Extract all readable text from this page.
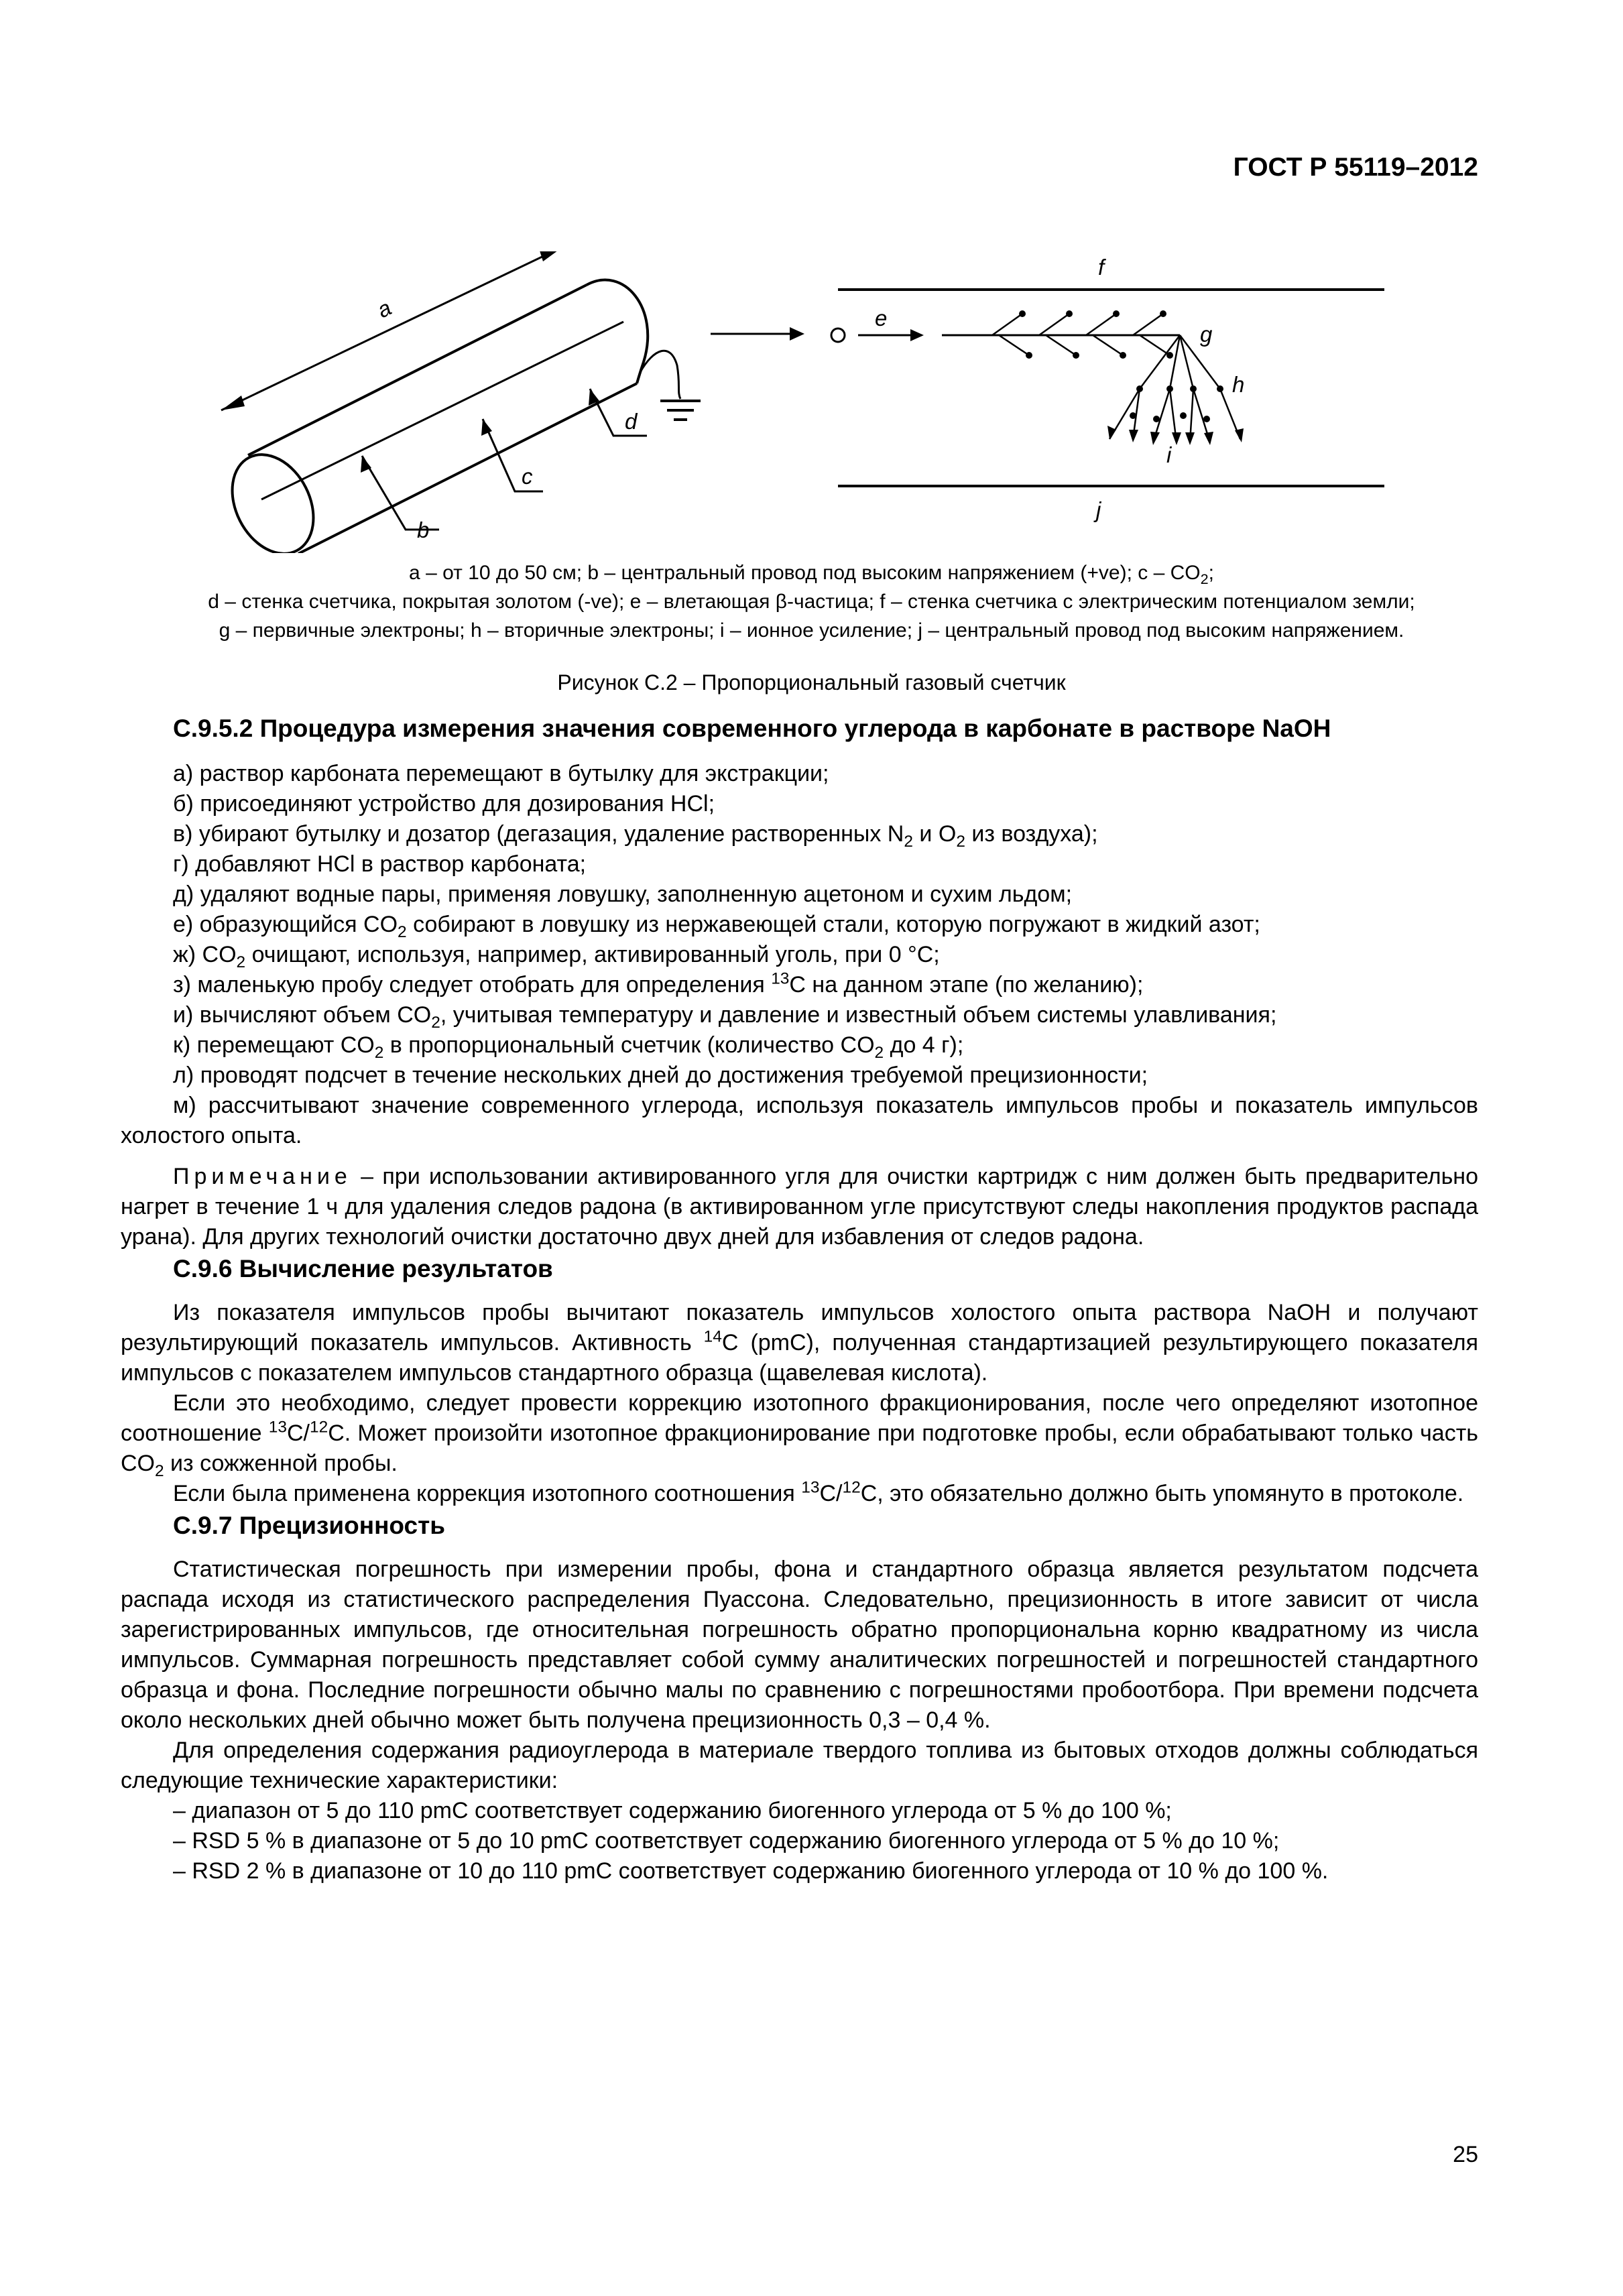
ГОСТ Р 55119–2012
a
b
c
d
e
f
g
h
i
j
a – от 10 до 50 см; b – центральный провод под высоким напряжением (+ve); c – $CO_2$;
d – стенка счетчика, покрытая золотом (-ve); e – влетающая β-частица; f – стенка счетчика с электрическим потенциалом земли;
g – первичные электроны; h – вторичные электроны; i – ионное усиление; j – центральный провод под высоким напряжением.
Рисунок С.2 – Пропорциональный газовый счетчик
С.9.5.2 Процедура измерения значения современного углерода в карбонате в растворе NaOH
а) раствор карбоната перемещают в бутылку для экстракции;
б) присоединяют устройство для дозирования HCl;
в) убирают бутылку и дозатор (дегазация, удаление растворенных $N_2$ и $O_2$ из воздуха);
г) добавляют HCl в раствор карбоната;
д) удаляют водные пары, применяя ловушку, заполненную ацетоном и сухим льдом;
е) образующийся $CO_2$ собирают в ловушку из нержавеющей стали, которую погружают в жидкий азот;
ж) $CO_2$ очищают, используя, например, активированный уголь, при 0 °С;
з) маленькую пробу следует отобрать для определения $^{13}$C на данном этапе (по желанию);
и) вычисляют объем $CO_2$, учитывая температуру и давление и известный объем системы улавливания;
к) перемещают $CO_2$ в пропорциональный счетчик (количество $CO_2$ до 4 г);
л) проводят подсчет в течение нескольких дней до достижения требуемой прецизионности;
м) рассчитывают значение современного углерода, используя показатель импульсов пробы и показатель импульсов холостого опыта.

Примечание – при использовании активированного угля для очистки картридж с ним должен быть предварительно нагрет в течение 1 ч для удаления следов радона (в активированном угле присутствуют следы накопления продуктов распада урана). Для других технологий очистки достаточно двух дней для избавления от следов радона.

С.9.6 Вычисление результатов

Из показателя импульсов пробы вычитают показатель импульсов холостого опыта раствора NaOH и получают результирующий показатель импульсов. Активность $^{14}$C (pmC), полученная стандартизацией результирующего показателя импульсов с показателем импульсов стандартного образца (щавелевая кислота).

Если это необходимо, следует провести коррекцию изотопного фракционирования, после чего определяют изотопное соотношение $^{13}$C/$^{12}$C. Может произойти изотопное фракционирование при подготовке пробы, если обрабатывают только часть $CO_2$ из сожженной пробы.

Если была применена коррекция изотопного соотношения $^{13}$C/$^{12}$C, это обязательно должно быть упомянуто в протоколе.

С.9.7 Прецизионность

Статистическая погрешность при измерении пробы, фона и стандартного образца является результатом подсчета распада исходя из статистического распределения Пуассона. Следовательно, прецизионность в итоге зависит от числа зарегистрированных импульсов, где относительная погрешность обратно пропорциональна корню квадратному из числа импульсов. Суммарная погрешность представляет собой сумму аналитических погрешностей и погрешностей стандартного образца и фона. Последние погрешности обычно малы по сравнению с погрешностями пробоотбора. При времени подсчета около нескольких дней обычно может быть получена прецизионность 0,3 – 0,4 %.

Для определения содержания радиоуглерода в материале твердого топлива из бытовых отходов должны соблюдаться следующие технические характеристики:

– диапазон от 5 до 110 pmC соответствует содержанию биогенного углерода от 5 % до 100 %;

– RSD 5 % в диапазоне от 5 до 10 pmC соответствует содержанию биогенного углерода от 5 % до 10 %;

– RSD 2 % в диапазоне от 10 до 110 pmC соответствует содержанию биогенного углерода от 10 % до 100 %.

25
